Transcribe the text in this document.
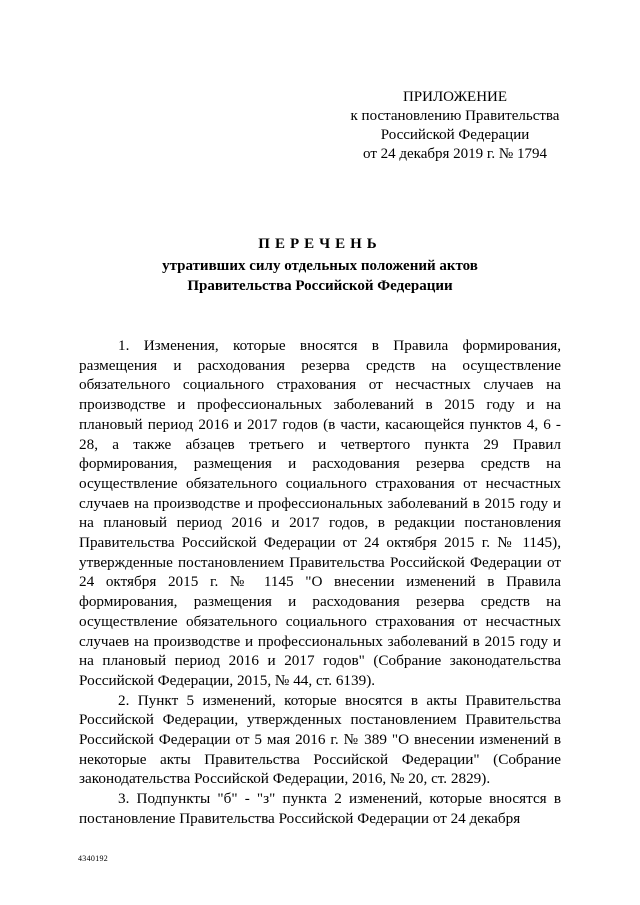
ПРИЛОЖЕНИЕ
к постановлению Правительства
Российской Федерации
от 24 декабря 2019 г. № 1794
ПЕРЕЧЕНЬ
утративших силу отдельных положений актов
Правительства Российской Федерации

1. Изменения, которые вносятся в Правила формирования, размещения и расходования резерва средств на осуществление обязательного социального страхования от несчастных случаев на производстве и профессиональных заболеваний в 2015 году и на плановый период 2016 и 2017 годов (в части, касающейся пунктов 4, 6 - 28, а также абзацев третьего и четвертого пункта 29 Правил формирования, размещения и расходования резерва средств на осуществление обязательного социального страхования от несчастных случаев на производстве и профессиональных заболеваний в 2015 году и на плановый период 2016 и 2017 годов, в редакции постановления Правительства Российской Федерации от 24 октября 2015 г. № 1145), утвержденные постановлением Правительства Российской Федерации от 24 октября 2015 г. № 1145 "О внесении изменений в Правила формирования, размещения и расходования резерва средств на осуществление обязательного социального страхования от несчастных случаев на производстве и профессиональных заболеваний в 2015 году и на плановый период 2016 и 2017 годов" (Собрание законодательства Российской Федерации, 2015, № 44, ст. 6139).

2. Пункт 5 изменений, которые вносятся в акты Правительства Российской Федерации, утвержденных постановлением Правительства Российской Федерации от 5 мая 2016 г. № 389 "О внесении изменений в некоторые акты Правительства Российской Федерации" (Собрание законодательства Российской Федерации, 2016, № 20, ст. 2829).

3. Подпункты "б" - "з" пункта 2 изменений, которые вносятся в постановление Правительства Российской Федерации от 24 декабря

4340192
